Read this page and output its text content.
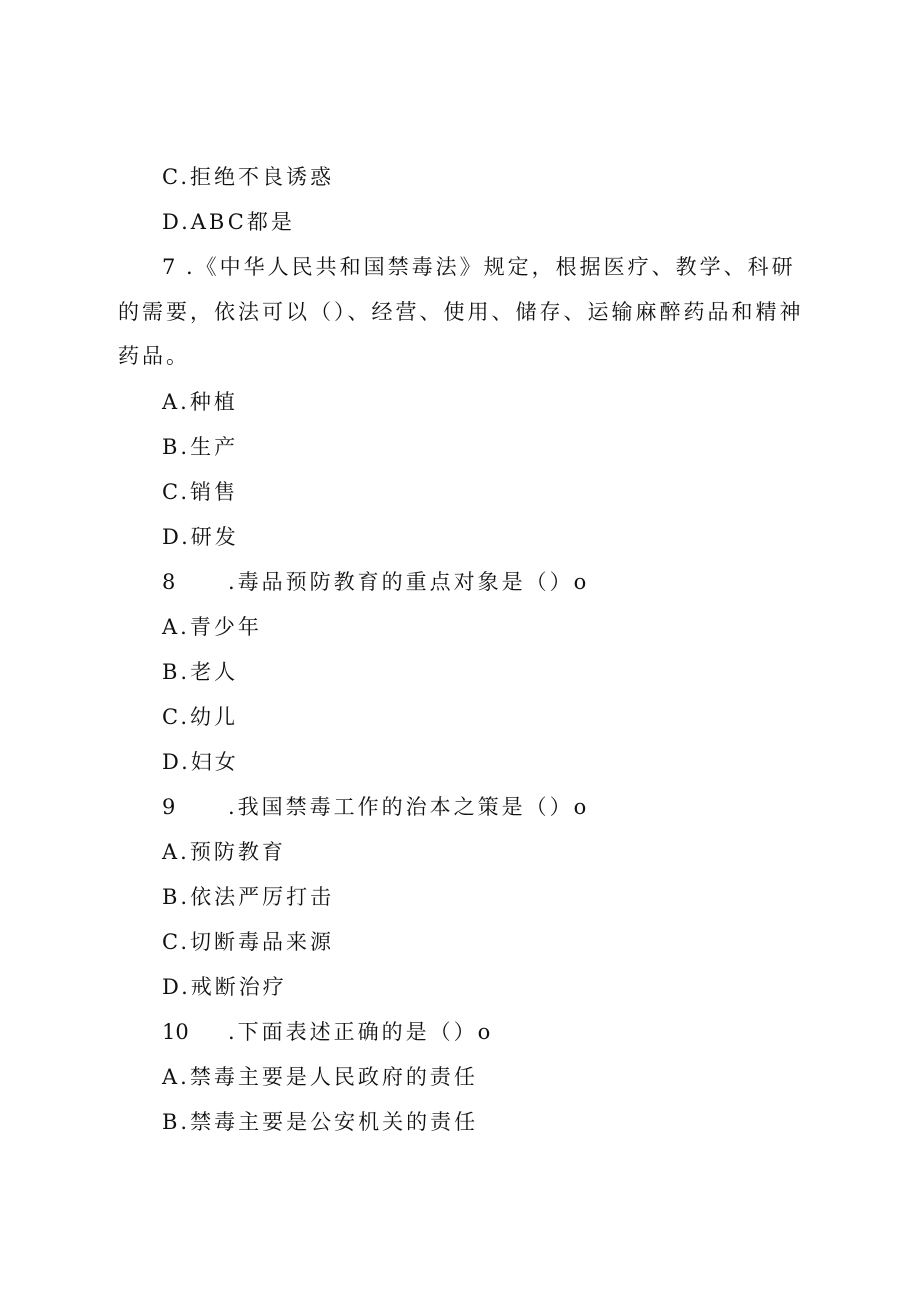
C.拒绝不良诱惑
D.ABC都是
7 .《中华人民共和国禁毒法》规定，根据医疗、教学、科研
的需要，依法可以（）、经营、使用、储存、运输麻醉药品和精神
药品。
A.种植
B.生产
C.销售
D.研发
8	.毒品预防教育的重点对象是（）o
A.青少年
B.老人
C.幼儿
D.妇女
9	.我国禁毒工作的治本之策是（）o
A.预防教育
B.依法严厉打击
C.切断毒品来源
D.戒断治疗
10 .下面表述正确的是（）o
A.禁毒主要是人民政府的责任
B.禁毒主要是公安机关的责任
